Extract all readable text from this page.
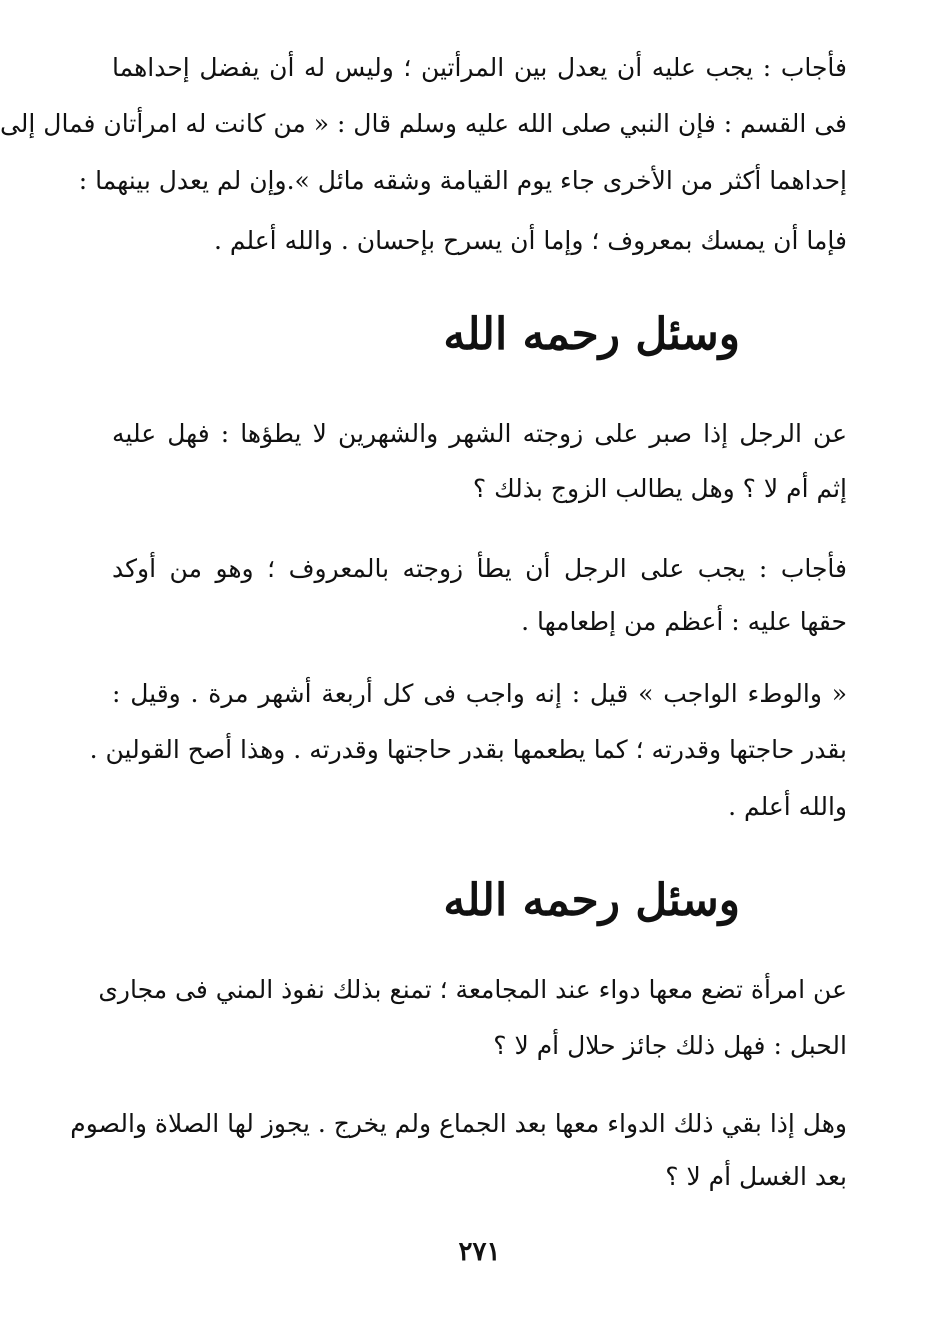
فأجاب : يجب عليه أن يعدل بين المرأتين ؛ وليس له أن يفضل إحداهما
فى القسم : فإن النبي صلى الله عليه وسلم قال : « من كانت له امرأتان فمال إلى
إحداهما أكثر من الأخرى جاء يوم القيامة وشقه مائل ».وإن لم يعدل بينهما :
فإما أن يمسك بمعروف ؛ وإما أن يسرح بإحسان . والله أعلم .
وسئل رحمه الله
عن الرجل إذا صبر على زوجته الشهر والشهرين لا يطؤها : فهل عليه
إثم أم لا ؟ وهل يطالب الزوج بذلك ؟
فأجاب : يجب على الرجل أن يطأ زوجته بالمعروف ؛ وهو من أوكد
حقها عليه : أعظم من إطعامها .
« والوطء الواجب » قيل : إنه واجب فى كل أربعة أشهر مرة . وقيل :
بقدر حاجتها وقدرته ؛ كما يطعمها بقدر حاجتها وقدرته . وهذا أصح القولين .
والله أعلم .
وسئل رحمه الله
عن امرأة تضع معها دواء عند المجامعة ؛ تمنع بذلك نفوذ المني فى مجارى
الحبل : فهل ذلك جائز حلال أم لا ؟
وهل إذا بقي ذلك الدواء معها بعد الجماع ولم يخرج . يجوز لها الصلاة والصوم
بعد الغسل أم لا ؟
٢٧١
